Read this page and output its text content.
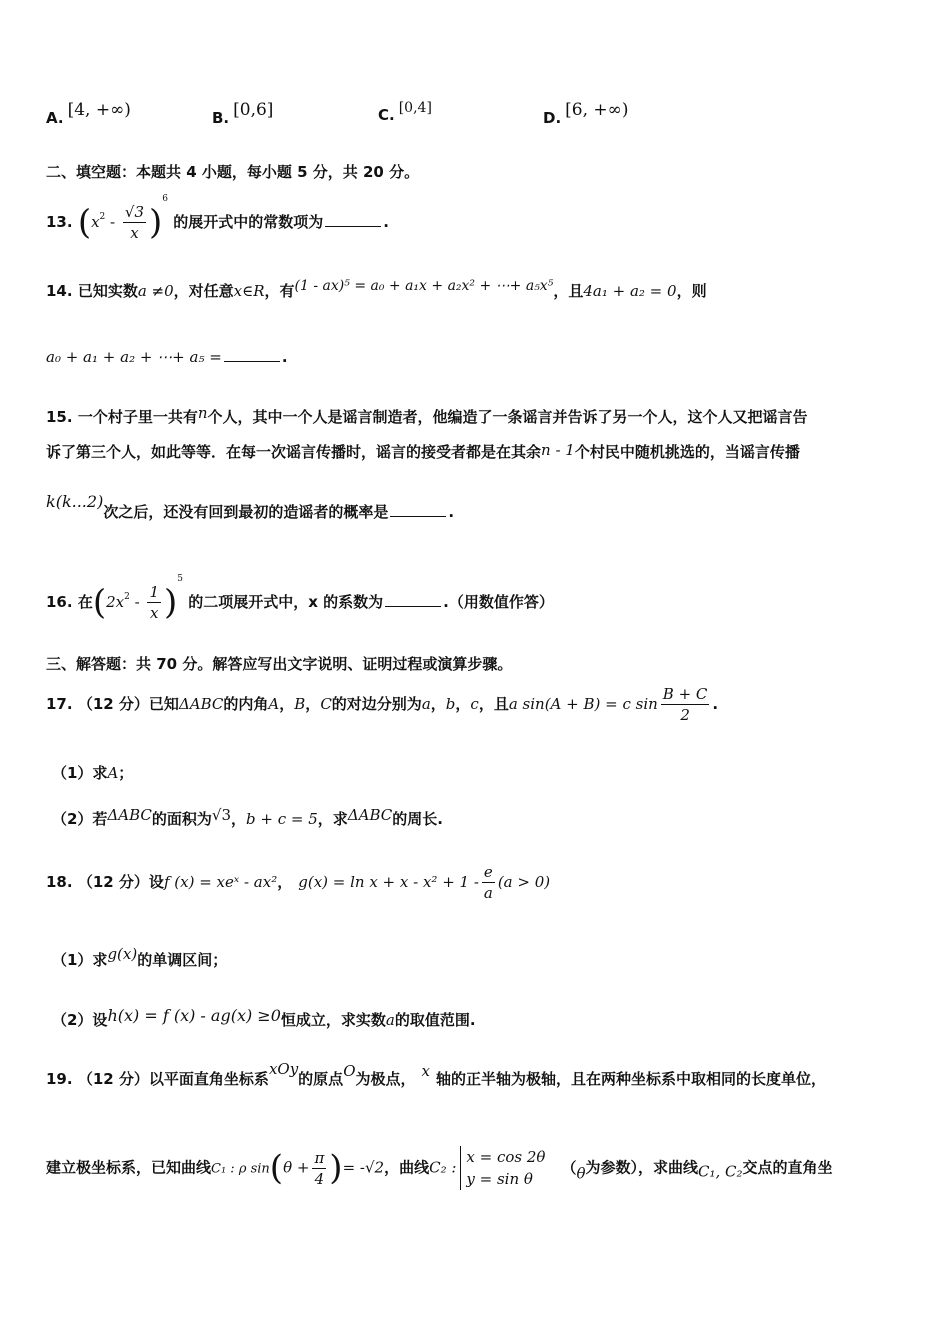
A. [4, +∞)	B. [0,6]	C. [0,4]
D. [6, +∞)
二、填空题：本题共 4 小题，每小题 5 分，共 20 分。
13. $(x^2 - \frac{√3}{x} )^6$ 的展开式中的常数项为	.
14. 已知实数a ≠0，对任意x∈R，有(1 - ax)⁵ = a₀ + a₁x + a₂x² + ⋯+ a₅x⁵，且4a₁ + a₂ = 0，则
a₀ + a₁ + a₂ + ⋯+ a₅ =	.
15. 一个村子里一共有n个人，其中一个人是谣言制造者，他编造了一条谣言并告诉了另一个人，这个人又把谣言告
诉了第三个人，如此等等．在每一次谣言传播时，谣言的接受者都是在其余n - 1个村民中随机挑选的，当谣言传播
k(k...2)次之后，还没有回到最初的造谣者的概率是	.
16. 在$(2x^2 - \frac{1}{x} )^5$ 的二项展开式中，x 的系数为	.（用数值作答）
三、解答题：共 70 分。解答应写出文字说明、证明过程或演算步骤。
17. （12 分）已知ΔABC的内角A，B，C的对边分别为a，b，c，且a sin(A + B) = c $\sin \frac{B + C}{2}$ .
（1）求A；
（2）若ΔABC的面积为√3，b + c = 5，求ΔABC的周长.
18. （12 分）设f (x) = xeˣ - ax²， $g(x) = \ln x + x - x^2 + 1 - \frac{e}{a} (a > 0)$
（1）求g(x)的单调区间；
（2）设h(x) = f (x) - ag(x) ≥0恒成立，求实数a的取值范围.
19. （12 分）以平面直角坐标系xOy的原点O为极点， x 轴的正半轴为极轴，且在两种坐标系中取相同的长度单位，
建立极坐标系，已知曲线C₁ : ρ $\sin(\theta + \frac{\pi}{4}$ )= -√2，曲线C₂ :
x = cos 2θ
y = sin θ
（θ为参数），求曲线C₁, C₂交点的直角坐
